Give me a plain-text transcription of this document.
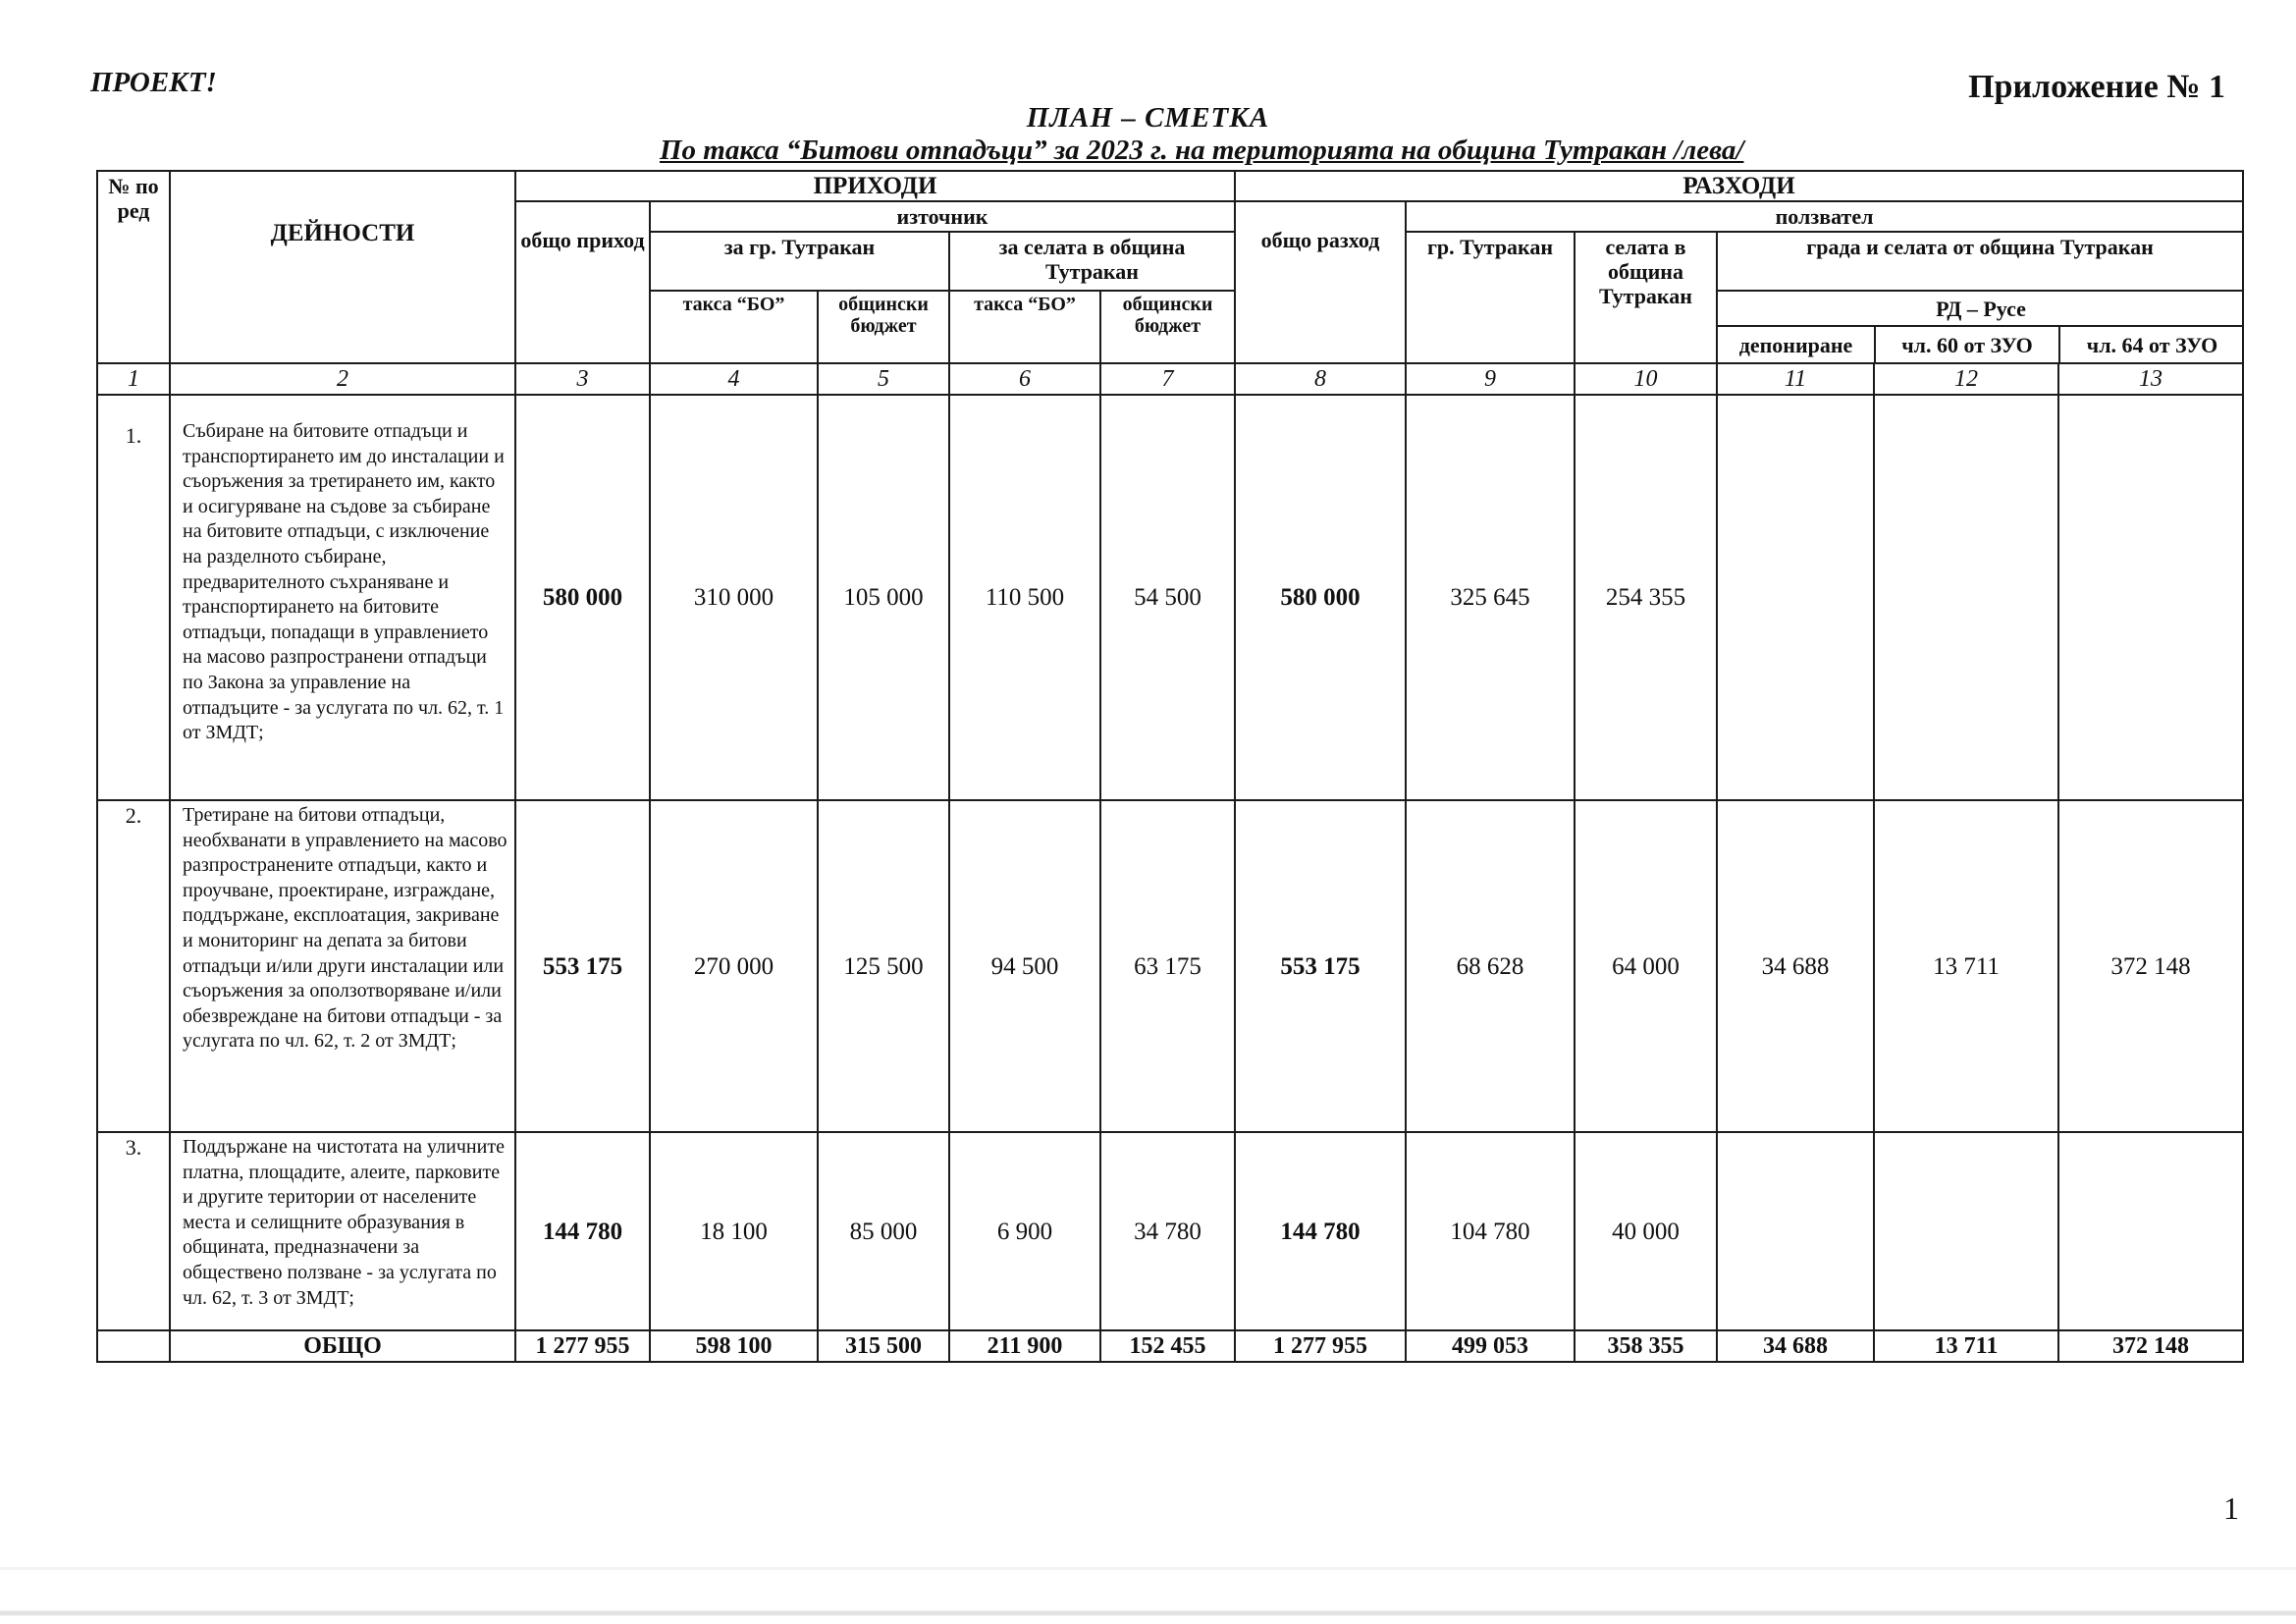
ПРОЕКТ!	Приложение № 1
ПЛАН – СМЕТКА
По такса “Битови отпадъци” за 2023 г. на територията на община Тутракан /лева/
№ по ред	ДЕЙНОСТИ	ПРИХОДИ	РАЗХОДИ
общо приход	източник	общо разход	ползвател
за гр. Тутракан	за селата в община Тутракан	гр. Тутракан	селата в община Тутракан	града и селата от община Тутракан
такса “БО”	общински бюджет	такса “БО”	общински бюджет	
РД – Русе
депониране	чл. 60 от ЗУО	чл. 64 от ЗУО

1	2	3	4	5	6	7	8	9	10	11	12	13
1.	Събиране на битовите отпадъци и транспортирането им до инсталации и съоръжения за третирането им, както и осигуряване на съдове за събиране на битовите отпадъци, с изключение на разделното събиране, предварителното съхраняване и транспортирането на битовите отпадъци, попадащи в управлението на масово разпространени отпадъци по Закона за управление на отпадъците - за услугата по чл. 62, т. 1 от ЗМДТ;	580 000	310 000	105 000	110 500	54 500	580 000	325 645	254 355			
2.	Третиране на битови отпадъци, необхванати в управлението на масово разпространените отпадъци, както и проучване, проектиране, изграждане, поддържане, експлоатация, закриване и мониторинг на депата за битови отпадъци и/или други инсталации или съоръжения за оползотворяване и/или обезвреждане на битови отпадъци - за услугата по чл. 62, т. 2 от ЗМДТ;	553 175	270 000	125 500	94 500	63 175	553 175	68 628	64 000	34 688	13 711	372 148
3.	Поддържане на чистотата на уличните платна, площадите, алеите, парковите и другите територии от населените места и селищните образувания в общината, предназначени за обществено ползване - за услугата по чл. 62, т. 3 от ЗМДТ;	144 780	18 100	85 000	6 900	34 780	144 780	104 780	40 000			
	ОБЩО	1 277 955	598 100	315 500	211 900	152 455	1 277 955	499 053	358 355	34 688	13 711	372 148
1
